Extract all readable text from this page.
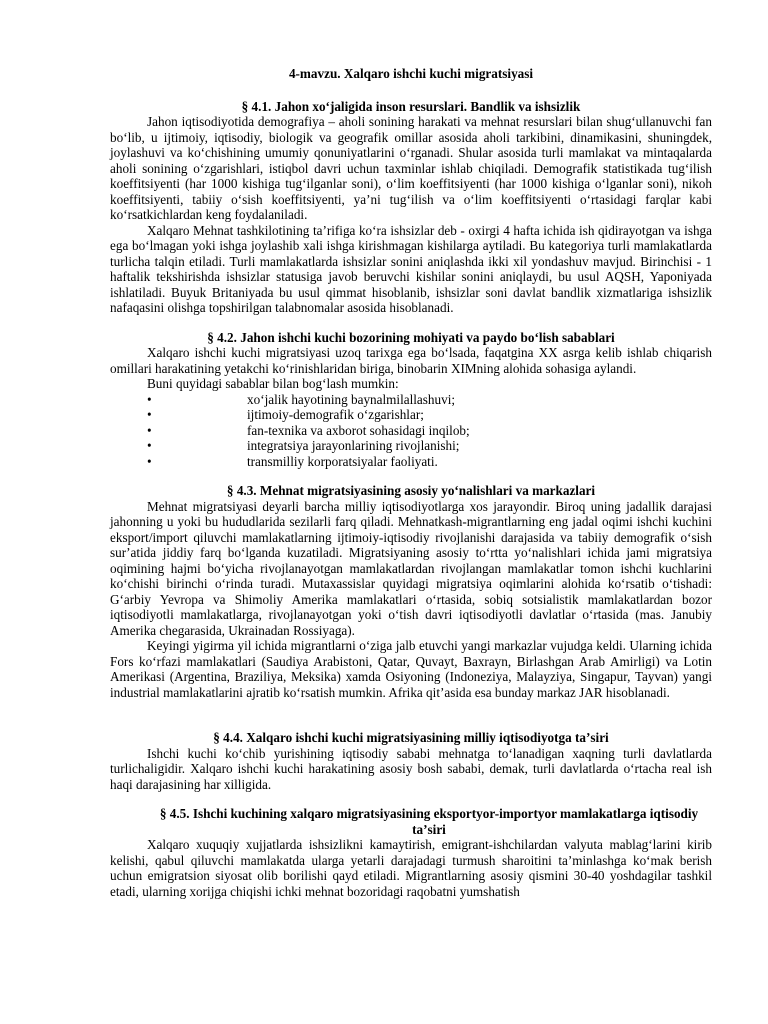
4-mavzu. Xalqaro ishchi kuchi migratsiyasi
§ 4.1. Jahon xoʻjaligida inson resurslari. Bandlik va ishsizlik

Jahon iqtisodiyotida demografiya – aholi sonining harakati va mehnat resurslari bilan shugʻullanuvchi fan boʻlib, u ijtimoiy, iqtisodiy, biologik va geografik omillar asosida aholi tarkibini, dinamikasini, shuningdek, joylashuvi va koʻchishining umumiy qonuniyatlarini oʻrganadi. Shular asosida turli mamlakat va mintaqalarda aholi sonining oʻzgarishlari, istiqbol davri uchun taxminlar ishlab chiqiladi. Demografik statistikada tugʻilish koeffitsiyenti (har 1000 kishiga tugʻilganlar soni), oʻlim koeffitsiyenti (har 1000 kishiga oʻlganlar soni), nikoh koeffitsiyenti, tabiiy oʻsish koeffitsiyenti, yaʼni tugʻilish va oʻlim koeffitsiyenti oʻrtasidagi farqlar kabi koʻrsatkichlardan keng foydalaniladi.

Xalqaro Mehnat tashkilotining taʼrifiga koʻra ishsizlar deb - oxirgi 4 hafta ichida ish qidirayotgan va ishga ega boʻlmagan yoki ishga joylashib xali ishga kirishmagan kishilarga aytiladi. Bu kategoriya turli mamlakatlarda turlicha talqin etiladi. Turli mamlakatlarda ishsizlar sonini aniqlashda ikki xil yondashuv mavjud. Birinchisi - 1 haftalik tekshirishda ishsizlar statusiga javob beruvchi kishilar sonini aniqlaydi, bu usul AQSH, Yaponiyada ishlatiladi. Buyuk Britaniyada bu usul qimmat hisoblanib, ishsizlar soni davlat bandlik xizmatlariga ishsizlik nafaqasini olishga topshirilgan talabnomalar asosida hisoblanadi.

§ 4.2. Jahon ishchi kuchi bozorining mohiyati va paydo boʻlish sabablari

Xalqaro ishchi kuchi migratsiyasi uzoq tarixga ega boʻlsada, faqatgina XX asrga kelib ishlab chiqarish omillari harakatining yetakchi koʻrinishlaridan biriga, binobarin XIMning alohida sohasiga aylandi.

Buni quyidagi sabablar bilan bogʻlash mumkin:

•	xoʻjalik hayotining baynalmilallashuvi;
•	ijtimoiy-demografik oʻzgarishlar;
•	fan-texnika va axborot sohasidagi inqilob;
•	integratsiya jarayonlarining rivojlanishi;
•	transmilliy korporatsiyalar faoliyati.
§ 4.3. Mehnat migratsiyasining asosiy yoʻnalishlari va markazlari

Mehnat migratsiyasi deyarli barcha milliy iqtisodiyotlarga xos jarayondir. Biroq uning jadallik darajasi jahonning u yoki bu hududlarida sezilarli farq qiladi. Mehnatkash-migrantlarning eng jadal oqimi ishchi kuchini eksport/import qiluvchi mamlakatlarning ijtimoiy-iqtisodiy rivojlanishi darajasida va tabiiy demografik oʻsish surʼatida jiddiy farq boʻlganda kuzatiladi. Migratsiyaning asosiy toʻrtta yoʻnalishlari ichida jami migratsiya oqimining hajmi boʻyicha rivojlanayotgan mamlakatlardan rivojlangan mamlakatlar tomon ishchi kuchlarini koʻchishi birinchi oʻrinda turadi. Mutaxassislar quyidagi migratsiya oqimlarini alohida koʻrsatib oʻtishadi: Gʻarbiy Yevropa va Shimoliy Amerika mamlakatlari oʻrtasida, sobiq sotsialistik mamlakatlardan bozor iqtisodiyotli mamlakatlarga, rivojlanayotgan yoki oʻtish davri iqtisodiyotli davlatlar oʻrtasida (mas. Janubiy Amerika chegarasida, Ukrainadan Rossiyaga).

Keyingi yigirma yil ichida migrantlarni oʻziga jalb etuvchi yangi markazlar vujudga keldi. Ularning ichida Fors koʻrfazi mamlakatlari (Saudiya Arabistoni, Qatar, Quvayt, Baxrayn, Birlashgan Arab Amirligi) va Lotin Amerikasi (Argentina, Braziliya, Meksika) xamda Osiyoning (Indoneziya, Malayziya, Singapur, Tayvan) yangi industrial mamlakatlarini ajratib koʻrsatish mumkin. Afrika qitʼasida esa bunday markaz JAR hisoblanadi.

§ 4.4. Xalqaro ishchi kuchi migratsiyasining milliy iqtisodiyotga taʼsiri

Ishchi kuchi koʻchib yurishining iqtisodiy sababi mehnatga toʻlanadigan xaqning turli davlatlarda turlichaligidir. Xalqaro ishchi kuchi harakatining asosiy bosh sababi, demak, turli davlatlarda oʻrtacha real ish haqi darajasining har xilligida.

§ 4.5. Ishchi kuchining xalqaro migratsiyasining eksportyor-importyor mamlakatlarga iqtisodiy taʼsiri

Xalqaro xuquqiy xujjatlarda ishsizlikni kamaytirish, emigrant-ishchilardan valyuta mablagʻlarini kirib kelishi, qabul qiluvchi mamlakatda ularga yetarli darajadagi turmush sharoitini taʼminlashga koʻmak berish uchun emigratsion siyosat olib borilishi qayd etiladi. Migrantlarning asosiy qismini 30-40 yoshdagilar tashkil etadi, ularning xorijga chiqishi ichki mehnat bozoridagi raqobatni yumshatish
